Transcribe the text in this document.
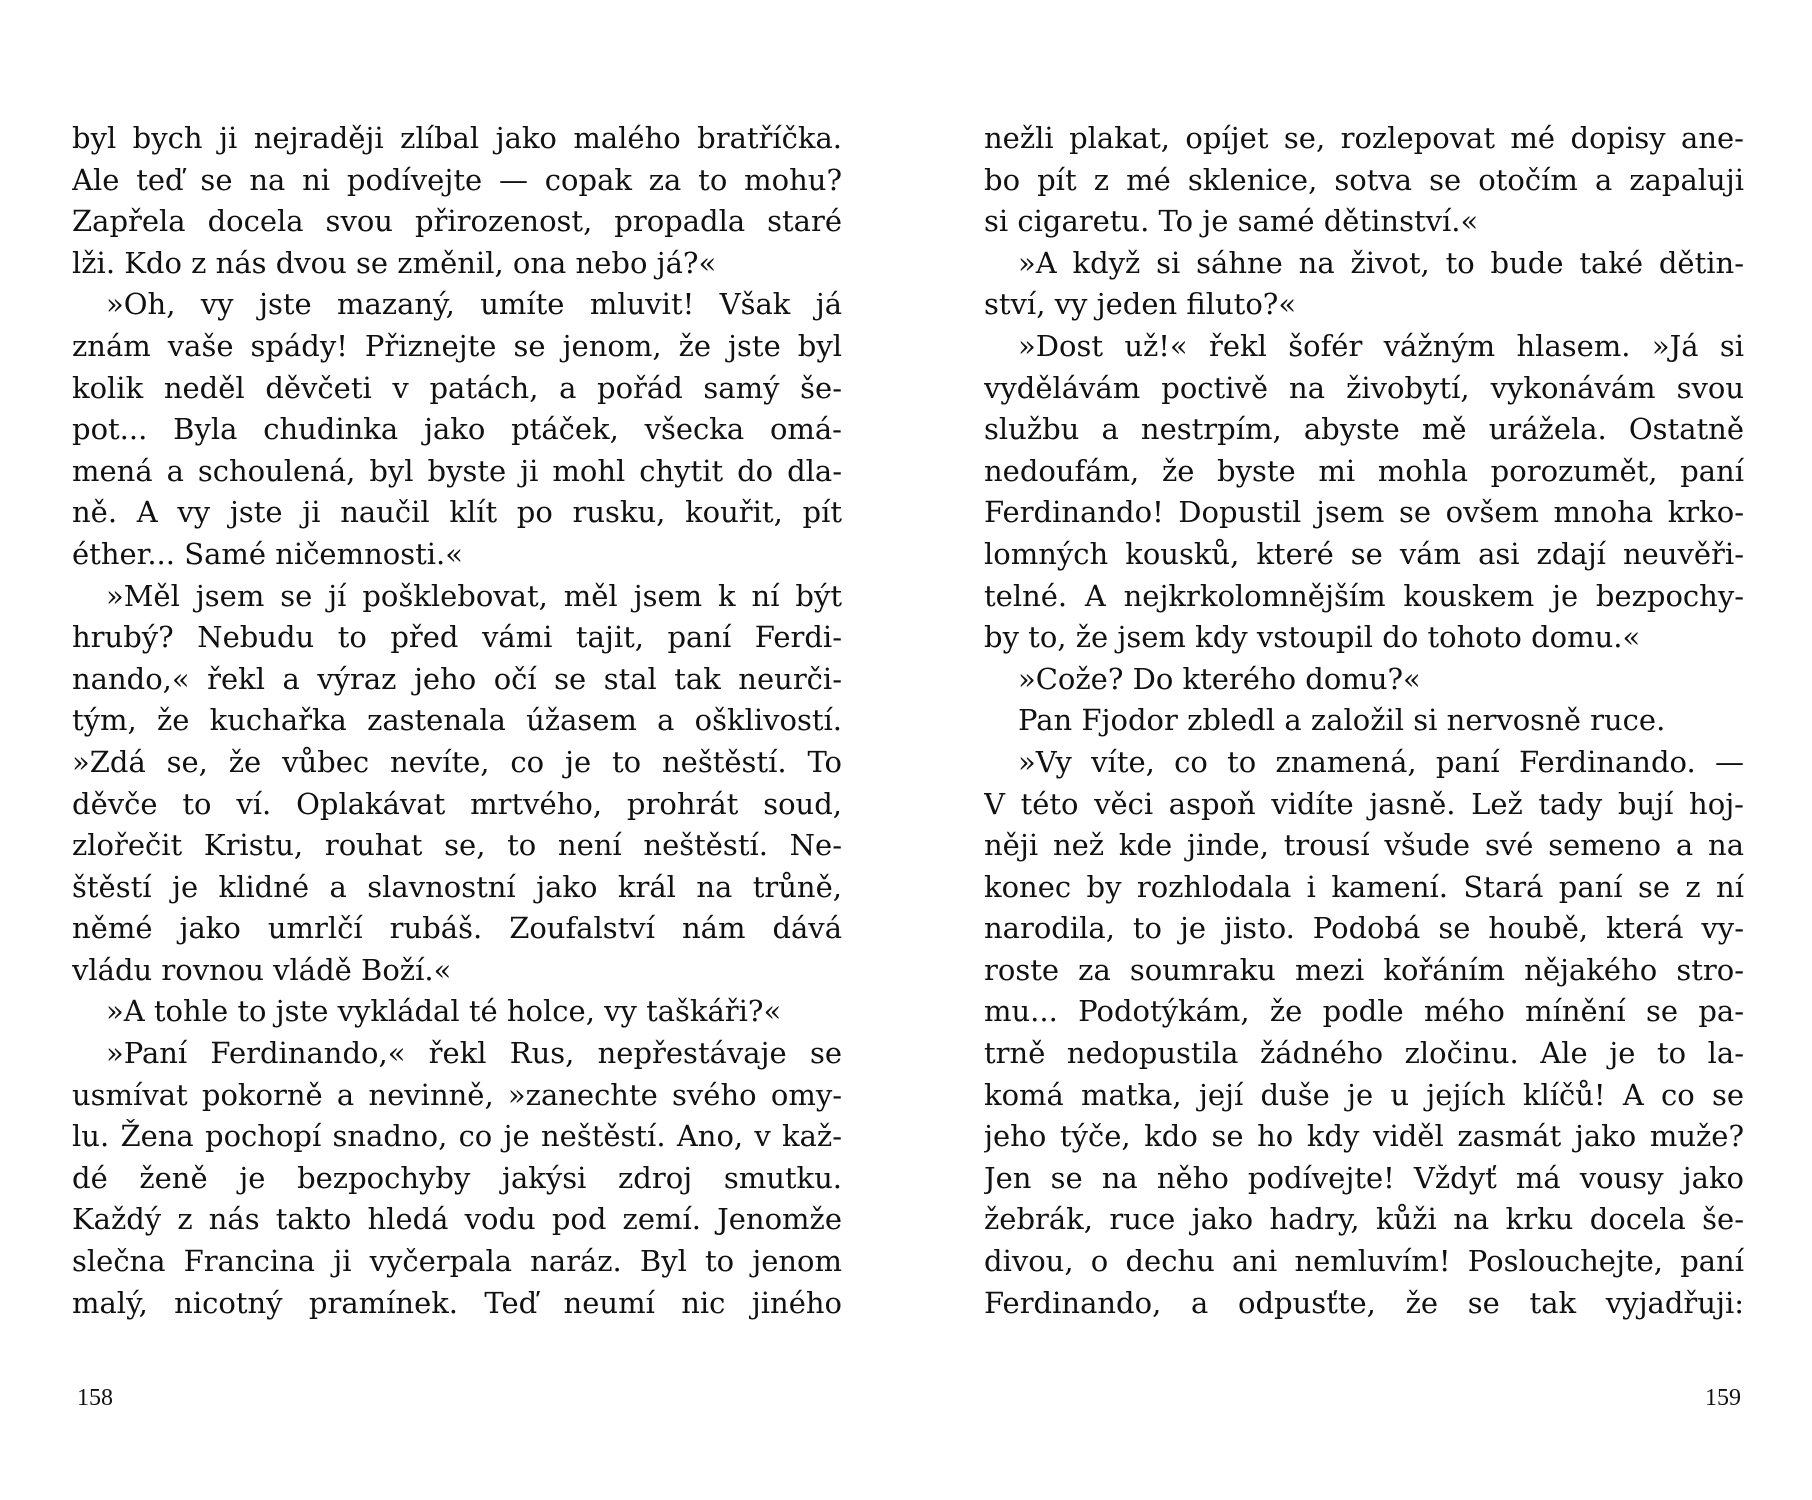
byl bych ji nejraději zlíbal jako malého bratříčka.
Ale teď se na ni podívejte — copak za to mohu?
Zapřela docela svou přirozenost, propadla staré
lži. Kdo z nás dvou se změnil, ona nebo já?«
»Oh, vy jste mazaný, umíte mluvit! Však já
znám vaše spády! Přiznejte se jenom, že jste byl
kolik neděl děvčeti v patách, a pořád samý še-
pot... Byla chudinka jako ptáček, všecka omá-
mená a schoulená, byl byste ji mohl chytit do dla-
ně. A vy jste ji naučil klít po rusku, kouřit, pít
éther... Samé ničemnosti.«
»Měl jsem se jí pošklebovat, měl jsem k ní být
hrubý? Nebudu to před vámi tajit, paní Ferdi-
nando,« řekl a výraz jeho očí se stal tak neurči-
tým, že kuchařka zastenala úžasem a ošklivostí.
»Zdá se, že vůbec nevíte, co je to neštěstí. To
děvče to ví. Oplakávat mrtvého, prohrát soud,
zlořečit Kristu, rouhat se, to není neštěstí. Ne-
štěstí je klidné a slavnostní jako král na trůně,
němé jako umrlčí rubáš. Zoufalství nám dává
vládu rovnou vládě Boží.«
»A tohle to jste vykládal té holce, vy taškáři?«
»Paní Ferdinando,« řekl Rus, nepřestávaje se
usmívat pokorně a nevinně, »zanechte svého omy-
lu. Žena pochopí snadno, co je neštěstí. Ano, v kaž-
dé ženě je bezpochyby jakýsi zdroj smutku.
Každý z nás takto hledá vodu pod zemí. Jenomže
slečna Francina ji vyčerpala naráz. Byl to jenom
malý, nicotný pramínek. Teď neumí nic jiného
158
nežli plakat, opíjet se, rozlepovat mé dopisy ane-
bo pít z mé sklenice, sotva se otočím a zapaluji
si cigaretu. To je samé dětinství.«
»A když si sáhne na život, to bude také dětin-
ství, vy jeden filuto?«
»Dost už!« řekl šofér vážným hlasem. »Já si
vydělávám poctivě na živobytí, vykonávám svou
službu a nestrpím, abyste mě urážela. Ostatně
nedoufám, že byste mi mohla porozumět, paní
Ferdinando! Dopustil jsem se ovšem mnoha krko-
lomných kousků, které se vám asi zdají neuvěři-
telné. A nejkrkolomnějším kouskem je bezpochy-
by to, že jsem kdy vstoupil do tohoto domu.«
»Cože? Do kterého domu?«
Pan Fjodor zbledl a založil si nervosně ruce.
»Vy víte, co to znamená, paní Ferdinando. —
V této věci aspoň vidíte jasně. Lež tady bují hoj-
něji než kde jinde, trousí všude své semeno a na
konec by rozhlodala i kamení. Stará paní se z ní
narodila, to je jisto. Podobá se houbě, která vy-
roste za soumraku mezi kořáním nějakého stro-
mu... Podotýkám, že podle mého mínění se pa-
trně nedopustila žádného zločinu. Ale je to la-
komá matka, její duše je u jejích klíčů! A co se
jeho týče, kdo se ho kdy viděl zasmát jako muže?
Jen se na něho podívejte! Vždyť má vousy jako
žebrák, ruce jako hadry, kůži na krku docela še-
divou, o dechu ani nemluvím! Poslouchejte, paní
Ferdinando, a odpusťte, že se tak vyjadřuji:
159
